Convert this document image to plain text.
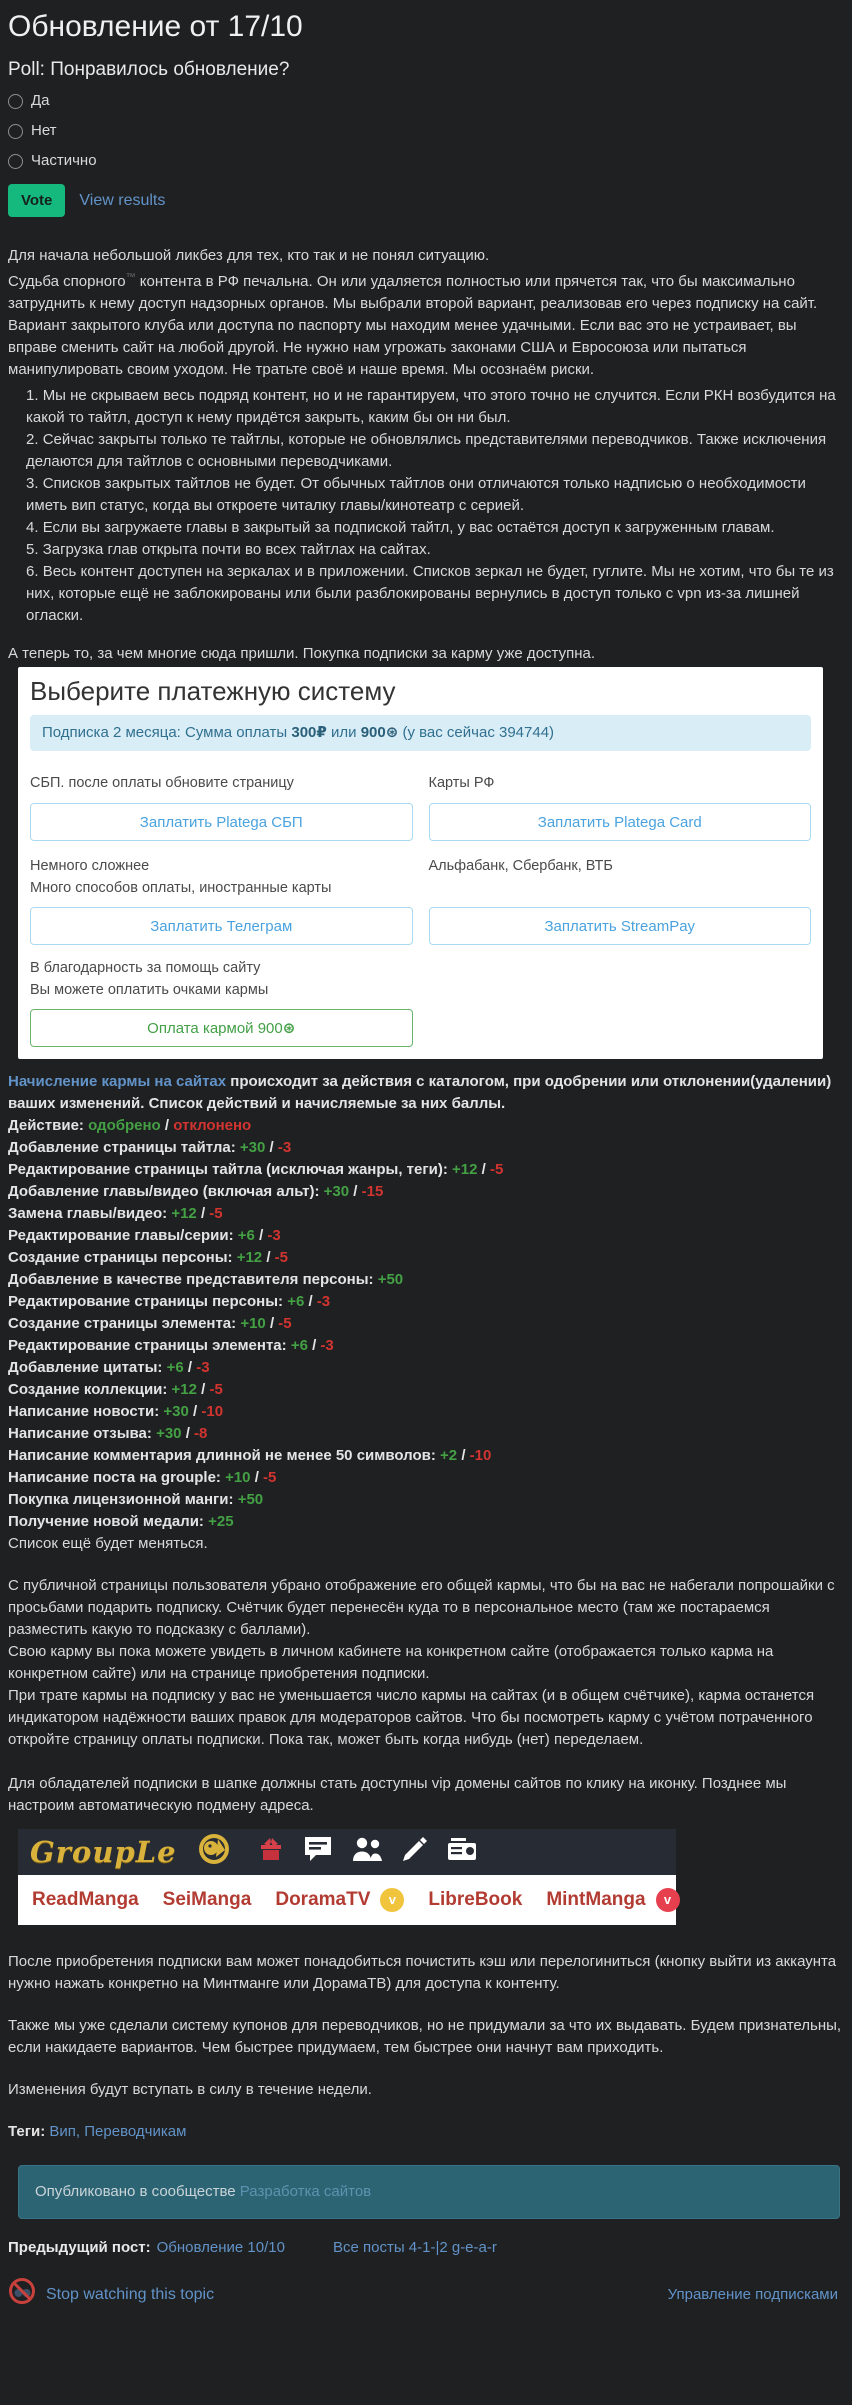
Обновление от 17/10
Poll: Понравилось обновление?
Да
Нет
Частично
Vote	View results

Для начала небольшой ликбез для тех, кто так и не понял ситуацию.

Судьба спорного™ контента в РФ печальна. Он или удаляется полностью или прячется так, что бы максимально затруднить к нему доступ надзорных органов. Мы выбрали второй вариант, реализовав его через подписку на сайт. Вариант закрытого клуба или доступа по паспорту мы находим менее удачными. Если вас это не устраивает, вы вправе сменить сайт на любой другой. Не нужно нам угрожать законами США и Евросоюза или пытаться манипулировать своим уходом. Не тратьте своё и наше время. Мы осознаём риски.

1. Мы не скрываем весь подряд контент, но и не гарантируем, что этого точно не случится. Если РКН возбудится на какой то тайтл, доступ к нему придётся закрыть, каким бы он ни был.
2. Сейчас закрыты только те тайтлы, которые не обновлялись представителями переводчиков. Также исключения делаются для тайтлов с основными переводчиками.
3. Списков закрытых тайтлов не будет. От обычных тайтлов они отличаются только надписью о необходимости иметь вип статус, когда вы откроете читалку главы/кинотеатр с серией.
4. Если вы загружаете главы в закрытый за подпиской тайтл, у вас остаётся доступ к загруженным главам.
5. Загрузка глав открыта почти во всех тайтлах на сайтах.
6. Весь контент доступен на зеркалах и в приложении. Списков зеркал не будет, гуглите. Мы не хотим, что бы те из них, которые ещё не заблокированы или были разблокированы вернулись в доступ только с vpn из-за лишней огласки.
А теперь то, за чем многие сюда пришли. Покупка подписки за карму уже доступна.
Выберите платежную систему
Подписка 2 месяца: Сумма оплаты 300₽ или 900⊛ (у вас сейчас 394744)
СБП. после оплаты обновите страницу	Карты РФ
Заплатить Platega СБП	Заплатить Platega Card
Немного сложнее
Много способов оплаты, иностранные карты
Альфабанк, Сбербанк, ВТБ
Заплатить Телеграм	Заплатить StreamPay
В благодарность за помощь сайту
Вы можете оплатить очками кармы
Оплата кармой 900⊛
Начисление кармы на сайтах происходит за действия с каталогом, при одобрении или отклонении(удалении) ваших изменений. Список действий и начисляемые за них баллы.
Действие: одобрено / отклонено
Добавление страницы тайтла: +30 / -3
Редактирование страницы тайтла (исключая жанры, теги): +12 / -5
Добавление главы/видео (включая альт): +30 / -15
Замена главы/видео: +12 / -5
Редактирование главы/серии: +6 / -3
Создание страницы персоны: +12 / -5
Добавление в качестве представителя персоны: +50
Редактирование страницы персоны: +6 / -3
Создание страницы элемента: +10 / -5
Редактирование страницы элемента: +6 / -3
Добавление цитаты: +6 / -3
Создание коллекции: +12 / -5
Написание новости: +30 / -10
Написание отзыва: +30 / -8
Написание комментария длинной не менее 50 символов: +2 / -10
Написание поста на grouple: +10 / -5
Покупка лицензионной манги: +50
Получение новой медали: +25
Список ещё будет меняться.

С публичной страницы пользователя убрано отображение его общей кармы, что бы на вас не набегали попрошайки с просьбами подарить подписку. Счётчик будет перенесён куда то в персональное место (там же постараемся разместить какую то подсказку с баллами).

Свою карму вы пока можете увидеть в личном кабинете на конкретном сайте (отображается только карма на конкретном сайте) или на странице приобретения подписки.

При трате кармы на подписку у вас не уменьшается число кармы на сайтах (и в общем счётчике), карма останется индикатором надёжности ваших правок для модераторов сайтов. Что бы посмотреть карму с учётом потраченного откройте страницу оплаты подписки. Пока так, может быть когда нибудь (нет) переделаем.

Для обладателей подписки в шапке должны стать доступны vip домены сайтов по клику на иконку. Позднее мы настроим автоматическую подмену адреса.

GroupLe
ReadManga SeiManga DoramaTV	v	LibreBook MintManga	v

После приобретения подписки вам может понадобиться почистить кэш или перелогиниться (кнопку выйти из аккаунта нужно нажать конкретно на Минтманге или ДорамаТВ) для доступа к контенту.

Также мы уже сделали систему купонов для переводчиков, но не придумали за что их выдавать. Будем признательны, если накидаете вариантов. Чем быстрее придумаем, тем быстрее они начнут вам приходить.

Изменения будут вступать в силу в течение недели.

Теги: Вип , Переводчикам
Опубликовано в сообществе Разработка сайтов
Предыдущий пост: Обновление 10/10	Все посты 4-1-|2 g-e-a-r
Stop watching this topic	Управление подписками
